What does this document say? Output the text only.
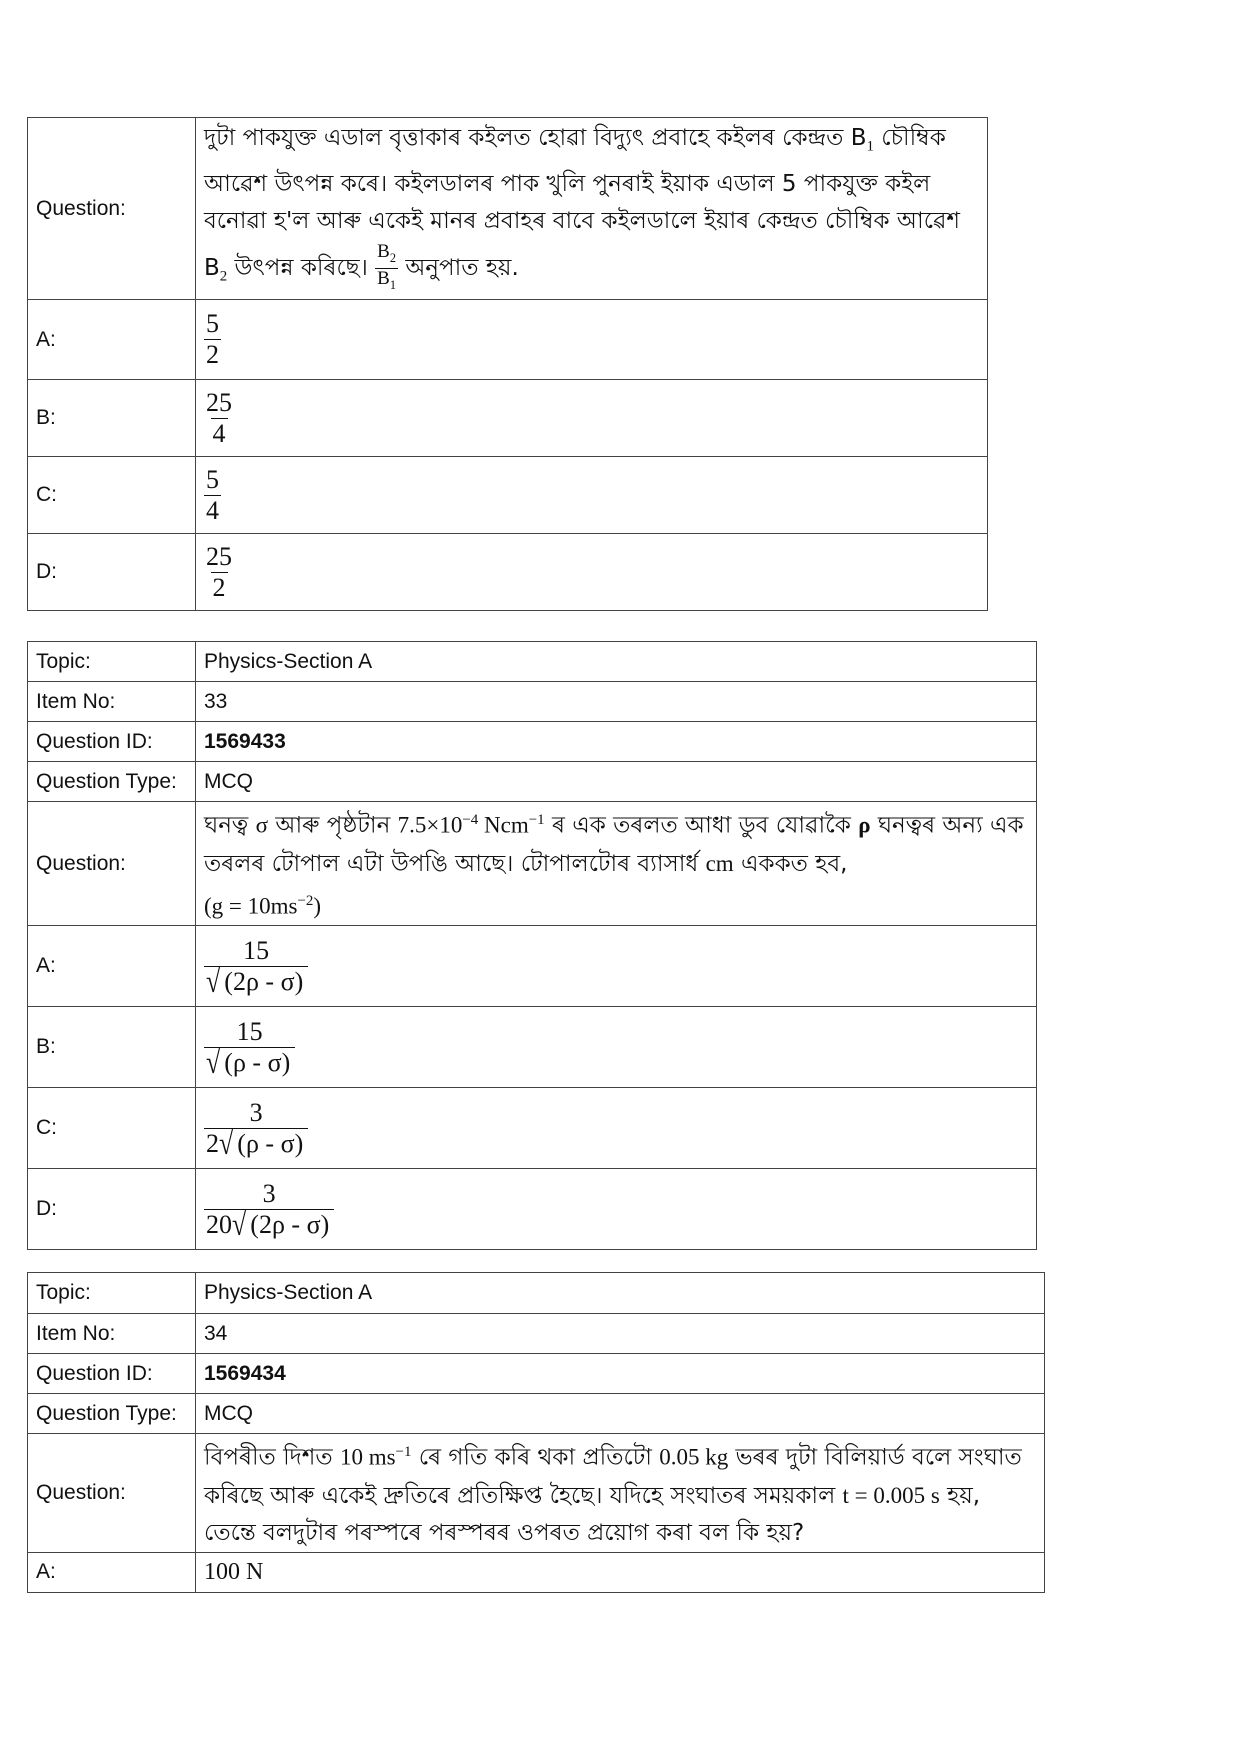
Question:	দুটা পাকযুক্ত এডাল বৃত্তাকাৰ কইলত হোৱা বিদ্যুৎ প্ৰবাহে কইলৰ কেন্দ্ৰত $B_1$ চৌম্বিক আৱেশ উৎপন্ন কৰে। কইলডালৰ পাক খুলি পুনৰাই ইয়াক এডাল 5 পাকযুক্ত কইল বনোৱা হ'ল আৰু একেই মানৰ প্ৰবাহৰ বাবে কইলডালে ইয়াৰ কেন্দ্ৰত চৌম্বিক আৱেশ $B_2$ উৎপন্ন কৰিছে। $\frac{B_2}{B_1}$ অনুপাত হয়.
A:	$\frac{5}{2}$

B:	$\frac{25}{4}$

C:	$\frac{5}{4}$

D:	$\frac{25}{2}$
Topic:	Physics-Section A
Item No:	33
Question ID:	1569433
Question Type:	MCQ
Question:	ঘনত্ব σ আৰু পৃষ্ঠটান $7.5\times 10^{-4}$ Ncm$^{-1}$ ৰ এক তৰলত আধা ডুব যোৱাকৈ ρ ঘনত্বৰ অন্য এক তৰলৰ টোপাল এটা উপঙি আছে। টোপালটোৰ ব্যাসাৰ্ধ cm এককত হব,
$(g = 10ms^{-2})$
A:	$\frac{15}{√ (2\rho - \sigma)}$

B:	$\frac{15}{√ (\rho - \sigma)}$

C:	$\frac{3}{2√ (\rho - \sigma)}$

D:	$\frac{3}{20√ (2\rho - \sigma)}$
Topic:	Physics-Section A
Item No:	34
Question ID:	1569434
Question Type:	MCQ
Question:	বিপৰীত দিশত 10 $ms^{-1}$ ৰে গতি কৰি থকা প্ৰতিটো 0.05 kg ভৰৰ দুটা বিলিয়াৰ্ড বলে সংঘাত কৰিছে আৰু একেই দ্ৰুতিৰে প্ৰতিক্ষিপ্ত হৈছে। যদিহে সংঘাতৰ সময়কাল t = 0.005 s হয়, তেন্তে বলদুটাৰ পৰস্পৰে পৰস্পৰৰ ওপৰত প্ৰয়োগ কৰা বল কি হয়?
A:	100 N
